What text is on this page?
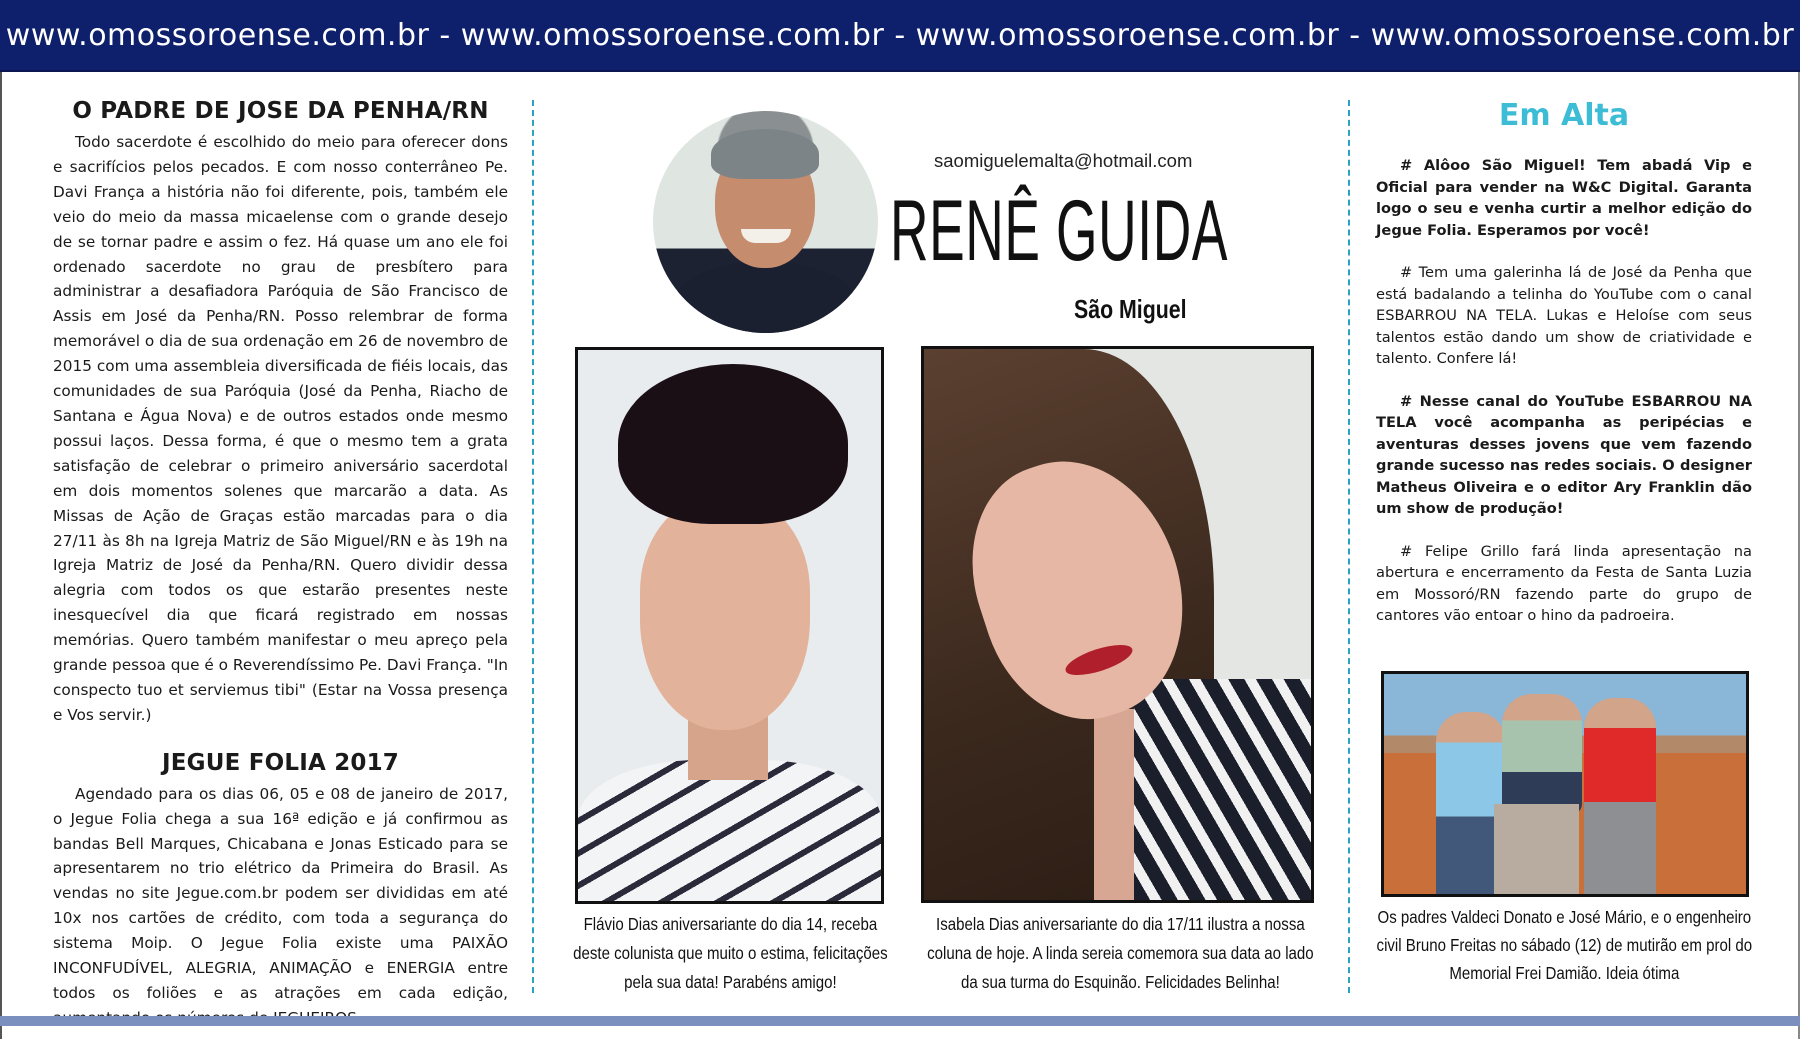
www.omossoroense.com.br - www.omossoroense.com.br - www.omossoroense.com.br - www.omossoroense.com.br
O PADRE DE JOSE DA PENHA/RN

Todo sacerdote é escolhido do meio para oferecer dons e sacrifícios pelos pecados. E com nosso conterrâneo Pe. Davi França a história não foi diferente, pois, também ele veio do meio da massa micaelense com o grande desejo de se tornar padre e assim o fez. Há quase um ano ele foi ordenado sacerdote no grau de presbítero para administrar a desafiadora Paróquia de São Francisco de Assis em José da Penha/RN. Posso relembrar de forma memorável o dia de sua ordenação em 26 de novembro de 2015 com uma assembleia diversificada de fiéis locais, das comunidades de sua Paróquia (José da Penha, Riacho de Santana e Água Nova) e de outros estados onde mesmo possui laços. Dessa forma, é que o mesmo tem a grata satisfação de celebrar o primeiro aniversário sacerdotal em dois momentos solenes que marcarão a data. As Missas de Ação de Graças estão marcadas para o dia 27/11 às 8h na Igreja Matriz de São Miguel/RN e às 19h na Igreja Matriz de José da Penha/RN. Quero dividir dessa alegria com todos os que estarão presentes neste inesquecível dia que ficará registrado em nossas memórias. Quero também manifestar o meu apreço pela grande pessoa que é o Reverendíssimo Pe. Davi França. "In conspecto tuo et serviemus tibi" (Estar na Vossa presença e Vos servir.)

JEGUE FOLIA 2017

Agendado para os dias 06, 05 e 08 de janeiro de 2017, o Jegue Folia chega a sua 16ª edição e já confirmou as bandas Bell Marques, Chicabana e Jonas Esticado para se apresentarem no trio elétrico da Primeira do Brasil. As vendas no site Jegue.com.br podem ser divididas em até 10x nos cartões de crédito, com toda a segurança do sistema Moip. O Jegue Folia existe uma PAIXÃO INCONFUDÍVEL, ALEGRIA, ANIMAÇÃO e ENERGIA entre todos os foliões e as atrações em cada edição,

saomiguelemalta@hotmail.com
RENÊ GUIDA
São Miguel
Flávio Dias aniversariante do dia 14, receba deste colunista que muito o estima, felicitações pela sua data! Parabéns amigo!
Isabela Dias aniversariante do dia 17/11 ilustra a nossa coluna de hoje. A linda sereia comemora sua data ao lado da sua turma do Esquinão. Felicidades Belinha!
Em Alta

# Alôoo São Miguel! Tem abadá Vip e Oficial para vender na W&C Digital. Garanta logo o seu e venha curtir a melhor edição do Jegue Folia. Esperamos por você!

# Tem uma galerinha lá de José da Penha que está badalando a telinha do YouTube com o canal ESBARROU NA TELA. Lukas e Heloíse com seus talentos estão dando um show de criatividade e talento. Confere lá!

# Nesse canal do YouTube ESBARROU NA TELA você acompanha as peripécias e aventuras desses jovens que vem fazendo grande sucesso nas redes sociais. O designer Matheus Oliveira e o editor Ary Franklin dão um show de produção!

# Felipe Grillo fará linda apresentação na abertura e encerramento da Festa de Santa Luzia em Mossoró/RN fazendo parte do grupo de cantores vão entoar o hino da padroeira.

Os padres Valdeci Donato e José Mário, e o engenheiro civil Bruno Freitas no sábado (12) de mutirão em prol do Memorial Frei Damião. Ideia ótima
